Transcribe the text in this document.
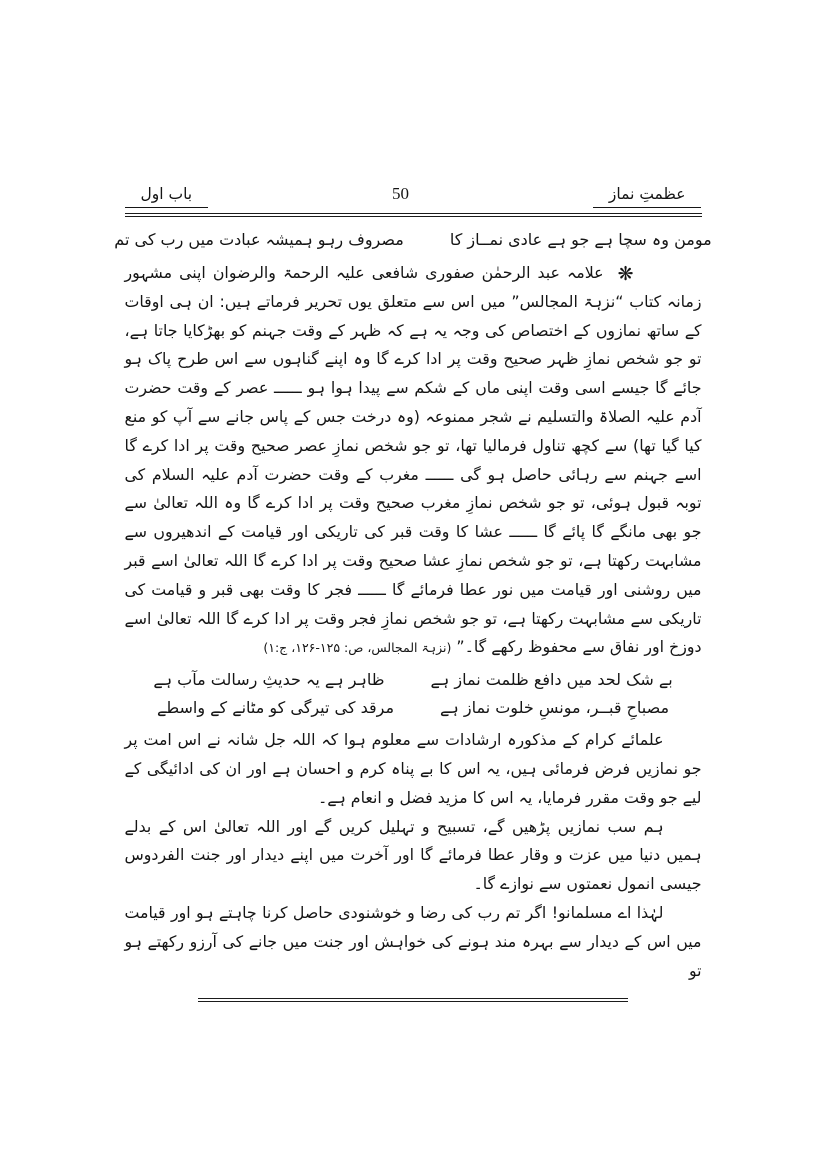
باب اول	50	عظمتِ نماز
مومن وہ سچا ہے جو ہے عادی نمــاز کا
مصروف رہو ہمیشہ عبادت میں رب کی تم

❋ علامہ عبد الرحمٰن صفوری شافعی علیہ الرحمۃ والرضوان اپنی مشہور زمانہ کتاب “نزہۃ المجالس” میں اس سے متعلق یوں تحریر فرماتے ہیں: ان ہی اوقات کے ساتھ نمازوں کے اختصاص کی وجہ یہ ہے کہ ظہر کے وقت جہنم کو بھڑکایا جاتا ہے، تو جو شخص نمازِ ظہر صحیح وقت پر ادا کرے گا وہ اپنے گناہوں سے اس طرح پاک ہو جائے گا جیسے اسی وقت اپنی ماں کے شکم سے پیدا ہوا ہو ــــــ عصر کے وقت حضرت آدم علیہ الصلاۃ والتسلیم نے شجر ممنوعہ (وہ درخت جس کے پاس جانے سے آپ کو منع کیا گیا تھا) سے کچھ تناول فرمالیا تھا، تو جو شخص نمازِ عصر صحیح وقت پر ادا کرے گا اسے جہنم سے رہائی حاصل ہو گی ــــــ مغرب کے وقت حضرت آدم علیہ السلام کی توبہ قبول ہوئی، تو جو شخص نمازِ مغرب صحیح وقت پر ادا کرے گا وہ اللہ تعالیٰ سے جو بھی مانگے گا پائے گا ــــــ عشا کا وقت قبر کی تاریکی اور قیامت کے اندھیروں سے مشابہت رکھتا ہے، تو جو شخص نمازِ عشا صحیح وقت پر ادا کرے گا اللہ تعالیٰ اسے قبر میں روشنی اور قیامت میں نور عطا فرمائے گا ــــــ فجر کا وقت بھی قبر و قیامت کی تاریکی سے مشابہت رکھتا ہے، تو جو شخص نمازِ فجر وقت پر ادا کرے گا اللہ تعالیٰ اسے دوزخ اور نفاق سے محفوظ رکھے گا۔” (نزہۃ المجالس، ص: ۱۲۵-۱۲۶، ج:۱)

بے شک لحد میں دافع ظلمت نماز ہے
ظاہر ہے یہ حدیثِ رسالت مآب ہے
مصباحِ قبــر، مونسِ خلوت نماز ہے
مرقد کی تیرگی کو مٹانے کے واسطے

علمائے کرام کے مذکورہ ارشادات سے معلوم ہوا کہ اللہ جل شانہ نے اس امت پر جو نمازیں فرض فرمائی ہیں، یہ اس کا بے پناہ کرم و احسان ہے اور ان کی ادائیگی کے لیے جو وقت مقرر فرمایا، یہ اس کا مزید فضل و انعام ہے۔

ہم سب نمازیں پڑھیں گے، تسبیح و تہلیل کریں گے اور اللہ تعالیٰ اس کے بدلے ہمیں دنیا میں عزت و وقار عطا فرمائے گا اور آخرت میں اپنے دیدار اور جنت الفردوس جیسی انمول نعمتوں سے نوازے گا۔

لہٰذا اے مسلمانو! اگر تم رب کی رضا و خوشنودی حاصل کرنا چاہتے ہو اور قیامت میں اس کے دیدار سے بہرہ مند ہونے کی خواہش اور جنت میں جانے کی آرزو رکھتے ہو تو
